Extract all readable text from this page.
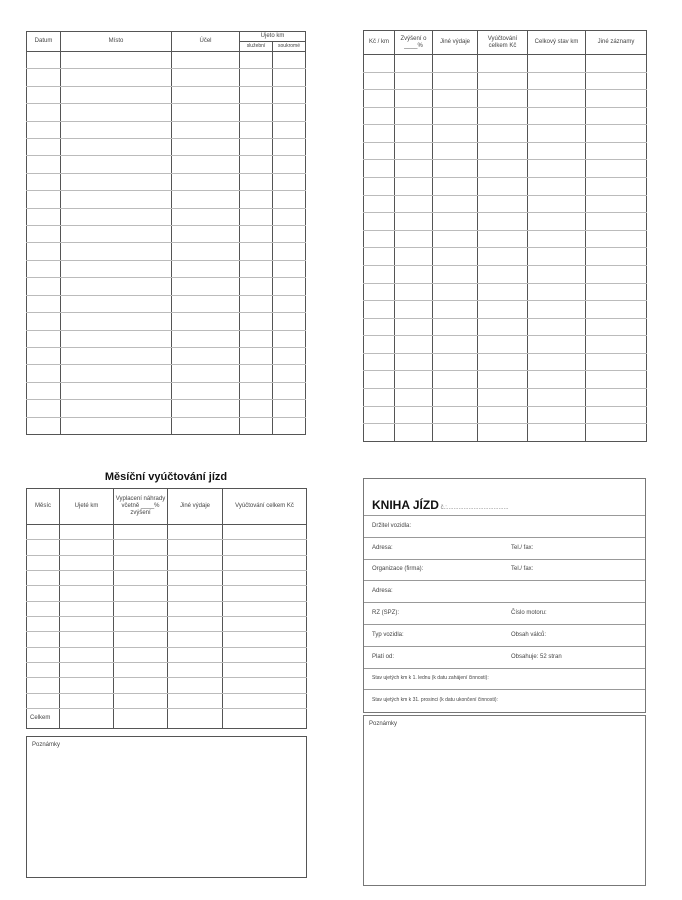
Datum	Místo	Účel	Ujeto km	
			služební	soukromé

Kč / km	Zvýšení o ____%	Jiné výdaje	Vyúčtování celkem Kč	Celkový stav km	Jiné záznamy

Měsíční vyúčtování jízd
Měsíc	Ujeté km	Vyplacení náhrady včetně ____% zvýšení	Jiné výdaje	Vyúčtování celkem Kč

Celkem				
Poznámky
KNIHA JÍZD č.:.....................................
Držitel vozidla:
Adresa:	Tel./ fax:
Organizace (firma):	Tel./ fax:
Adresa:
RZ (SPZ):	Číslo motoru:
Typ vozidla:	Obsah válců:
Platí od:	Obsahuje: 52 stran
Stav ujetých km k 1. lednu (k datu zahájení činnosti):
Stav ujetých km k 31. prosinci (k datu ukončení činnosti):
Poznámky
